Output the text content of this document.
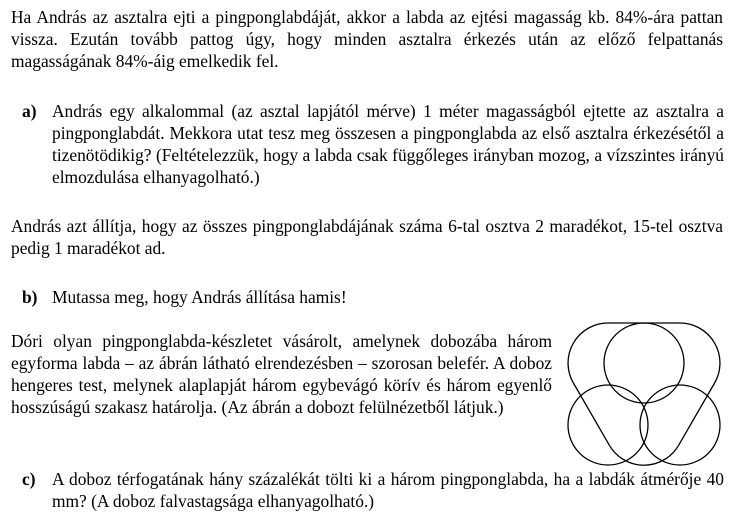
Ha András az asztalra ejti a pingponglabdáját, akkor a labda az ejtési magasság kb. 84%-ára pattan vissza. Ezután tovább pattog úgy, hogy minden asztalra érkezés után az előző felpattanás magasságának 84%-áig emelkedik fel.

a) András egy alkalommal (az asztal lapjától mérve) 1 méter magasságból ejtette az asztalra a pingponglabdát. Mekkora utat tesz meg összesen a pingponglabda az első asztalra érkezésétől a tizenötödikig? (Feltételezzük, hogy a labda csak függőleges irányban mozog, a vízszintes irányú elmozdulása elhanyagolható.)

András azt állítja, hogy az összes pingponglabdájának száma 6-tal osztva 2 maradékot, 15-tel osztva pedig 1 maradékot ad.

b) Mutassa meg, hogy András állítása hamis!

Dóri olyan pingponglabda-készletet vásárolt, amelynek dobozába három egyforma labda – az ábrán látható elrendezésben – szorosan belefér. A doboz hengeres test, melynek alaplapját három egybevágó körív és három egyenlő hosszúságú szakasz határolja. (Az ábrán a dobozt felülnézetből látjuk.)

c) A doboz térfogatának hány százalékát tölti ki a három pingponglabda, ha a labdák átmérője 40 mm? (A doboz falvastagsága elhanyagolható.)
